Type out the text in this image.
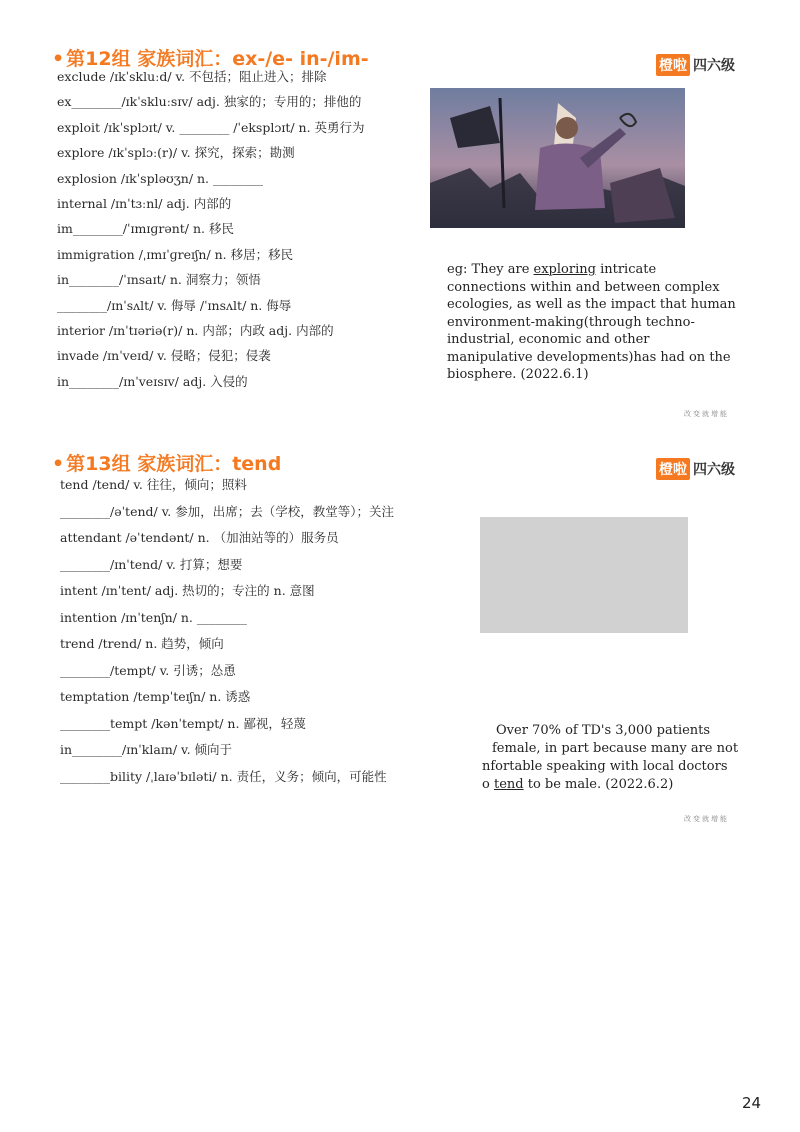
• 第12组 家族词汇：ex-/e- in-/im-	橙啦 四六级
exclude /ɪkˈskluːd/ v. 不包括；阻止进入；排除
ex________/ɪkˈskluːsɪv/ adj. 独家的；专用的；排他的
exploit /ɪkˈsplɔɪt/ v. ________ /ˈeksplɔɪt/ n. 英勇行为
explore /ɪkˈsplɔː(r)/ v. 探究，探索；勘测
explosion /ɪkˈspləʊʒn/ n. ________
internal /ɪnˈtɜːnl/ adj. 内部的
im________/ˈɪmɪɡrənt/ n. 移民
immigration /ˌɪmɪˈɡreɪʃn/ n. 移居；移民
in________/ˈɪnsaɪt/ n. 洞察力；领悟
________/ɪnˈsʌlt/ v. 侮辱 /ˈɪnsʌlt/ n. 侮辱
interior /ɪnˈtɪəriə(r)/ n. 内部；内政 adj. 内部的
invade /ɪnˈveɪd/ v. 侵略；侵犯；侵袭
in________/ɪnˈveɪsɪv/ adj. 入侵的
eg: They are exploring intricate
connections within and between complex
ecologies, as well as the impact that human
environment-making(through techno-
industrial, economic and other
manipulative developments)has had on the
biosphere. (2022.6.1)
改变就增能
• 第13组 家族词汇：tend	橙啦 四六级
tend /tend/ v. 往往，倾向；照料
________/əˈtend/ v. 参加，出席；去（学校，教堂等）；关注
attendant /əˈtendənt/ n. （加油站等的）服务员
________/ɪnˈtend/ v. 打算；想要
intent /ɪnˈtent/ adj. 热切的；专注的 n. 意图
intention /ɪnˈtenʃn/ n. ________
trend /trend/ n. 趋势，倾向
________/tempt/ v. 引诱；怂恿
temptation /tempˈteɪʃn/ n. 诱惑
________tempt /kənˈtempt/ n. 鄙视，轻蔑
in________/ɪnˈklaɪn/ v. 倾向于
________bility /ˌlaɪəˈbɪləti/ n. 责任，义务；倾向，可能性
Over 70% of TD's 3,000 patients
female, in part because many are not
nfortable speaking with local doctors
o tend to be male. (2022.6.2)
改变就增能
24
